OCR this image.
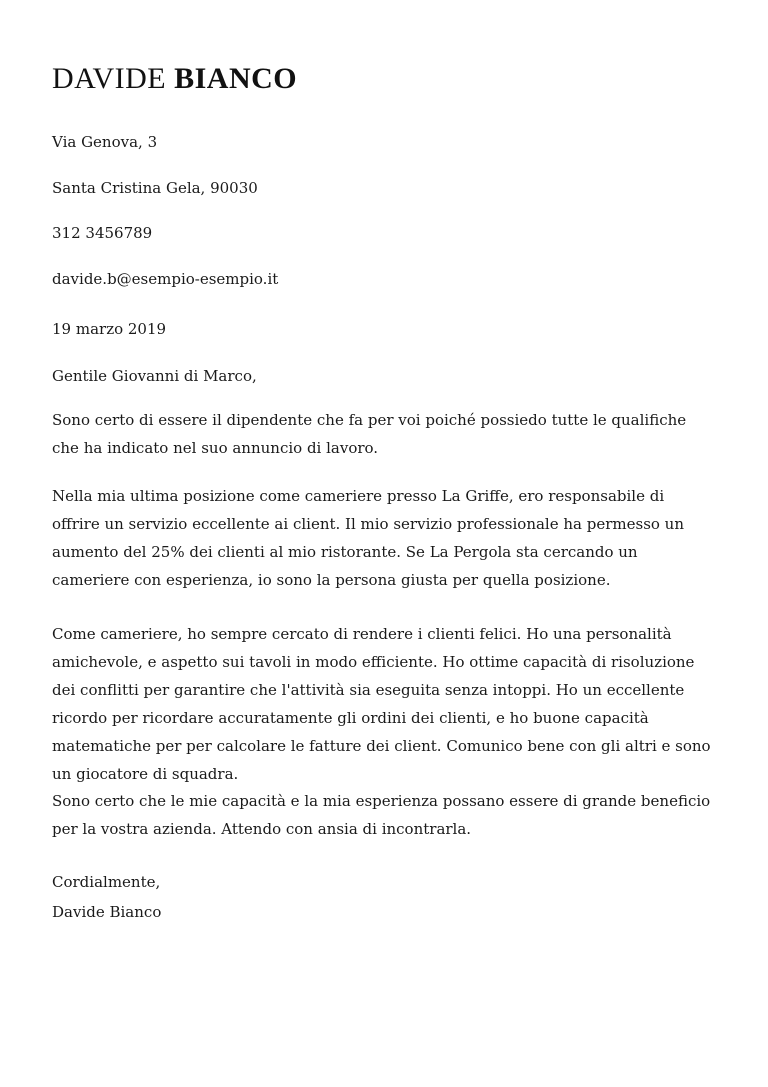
DAVIDE BIANCO
Via Genova, 3
Santa Cristina Gela, 90030
312 3456789
davide.b@esempio-esempio.it
19 marzo 2019
Gentile Giovanni di Marco,
Sono certo di essere il dipendente che fa per voi poiché possiedo tutte le qualifiche che ha indicato nel suo annuncio di lavoro.
Nella mia ultima posizione come cameriere presso La Griffe, ero responsabile di offrire un servizio eccellente ai client. Il mio servizio professionale ha permesso un aumento del 25% dei clienti al mio ristorante. Se La Pergola sta cercando un cameriere con esperienza, io sono la persona giusta per quella posizione.
Come cameriere, ho sempre cercato di rendere i clienti felici. Ho una personalità amichevole, e aspetto sui tavoli in modo efficiente. Ho ottime capacità di risoluzione dei conflitti per garantire che l'attività sia eseguita senza intoppi. Ho un eccellente ricordo per ricordare accuratamente gli ordini dei clienti, e ho buone capacità matematiche per per calcolare le fatture dei client. Comunico bene con gli altri e sono un giocatore di squadra.
Sono certo che le mie capacità e la mia esperienza possano essere di grande beneficio per la vostra azienda. Attendo con ansia di incontrarla.
Cordialmente,
Davide Bianco
